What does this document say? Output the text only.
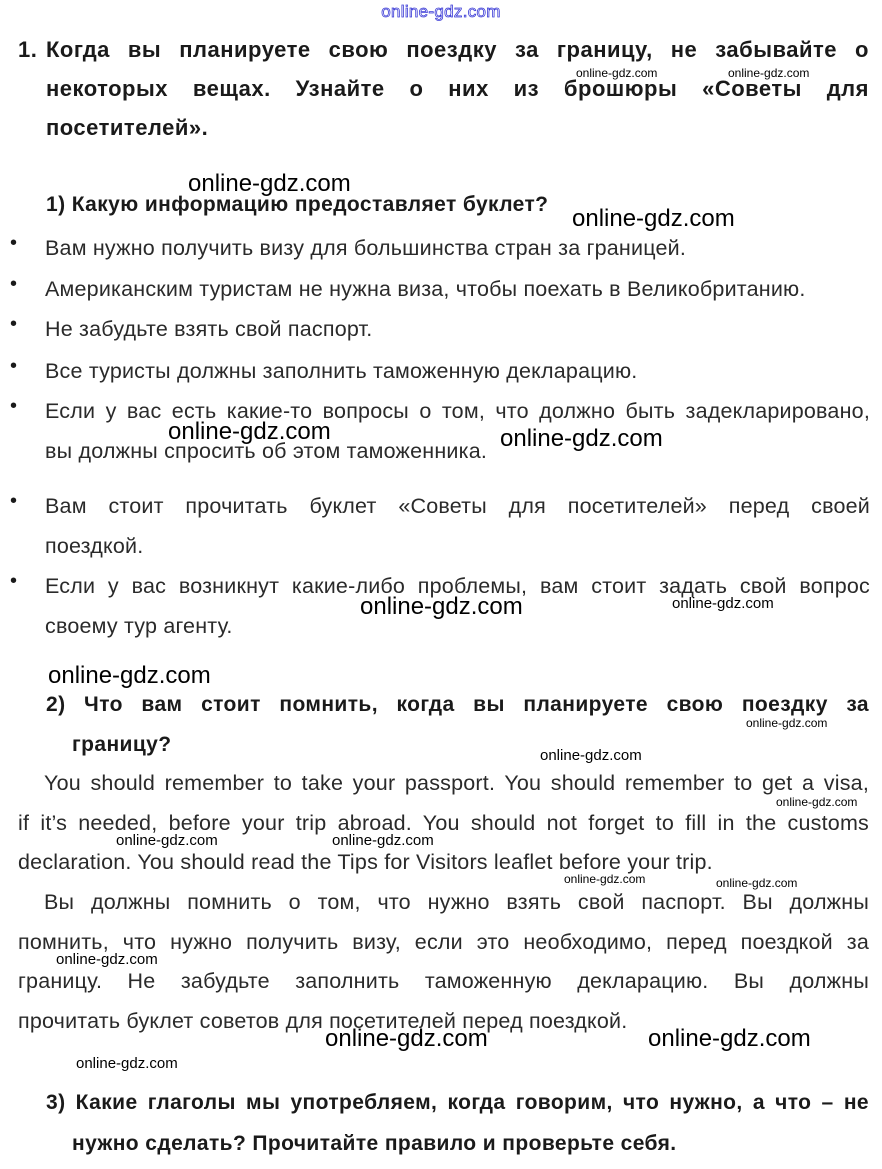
online-gdz.com
1. Когда вы планируете свою поездку за границу, не забывайте о
некоторых вещах. Узнайте о них из брошюры «Советы для
посетителей».
1) Какую информацию предоставляет буклет?
• Вам нужно получить визу для большинства стран за границей.
• Американским туристам не нужна виза, чтобы поехать в Великобританию.
• Не забудьте взять свой паспорт.
• Все туристы должны заполнить таможенную декларацию.
• Если у вас есть какие-то вопросы о том, что должно быть задекларировано,
вы должны спросить об этом таможенника.
• Вам стоит прочитать буклет «Советы для посетителей» перед своей
поездкой.
• Если у вас возникнут какие-либо проблемы, вам стоит задать свой вопрос
своему тур агенту.
2) Что вам стоит помнить, когда вы планируете свою поездку за
границу?
You should remember to take your passport. You should remember to get a visa,
if it’s needed, before your trip abroad. You should not forget to fill in the customs
declaration. You should read the Tips for Visitors leaflet before your trip.
Вы должны помнить о том, что нужно взять свой паспорт. Вы должны
помнить, что нужно получить визу, если это необходимо, перед поездкой за
границу. Не забудьте заполнить таможенную декларацию. Вы должны
прочитать буклет советов для посетителей перед поездкой.
3) Какие глаголы мы употребляем, когда говорим, что нужно, а что – не
нужно сделать? Прочитайте правило и проверьте себя.
online-gdz.com	online-gdz.com
online-gdz.com
online-gdz.com
online-gdz.com	online-gdz.com
online-gdz.com	online-gdz.com
online-gdz.com
online-gdz.com
online-gdz.com
online-gdz.com
online-gdz.com	online-gdz.com
online-gdz.com	online-gdz.com
online-gdz.com
online-gdz.com	online-gdz.com
online-gdz.com
